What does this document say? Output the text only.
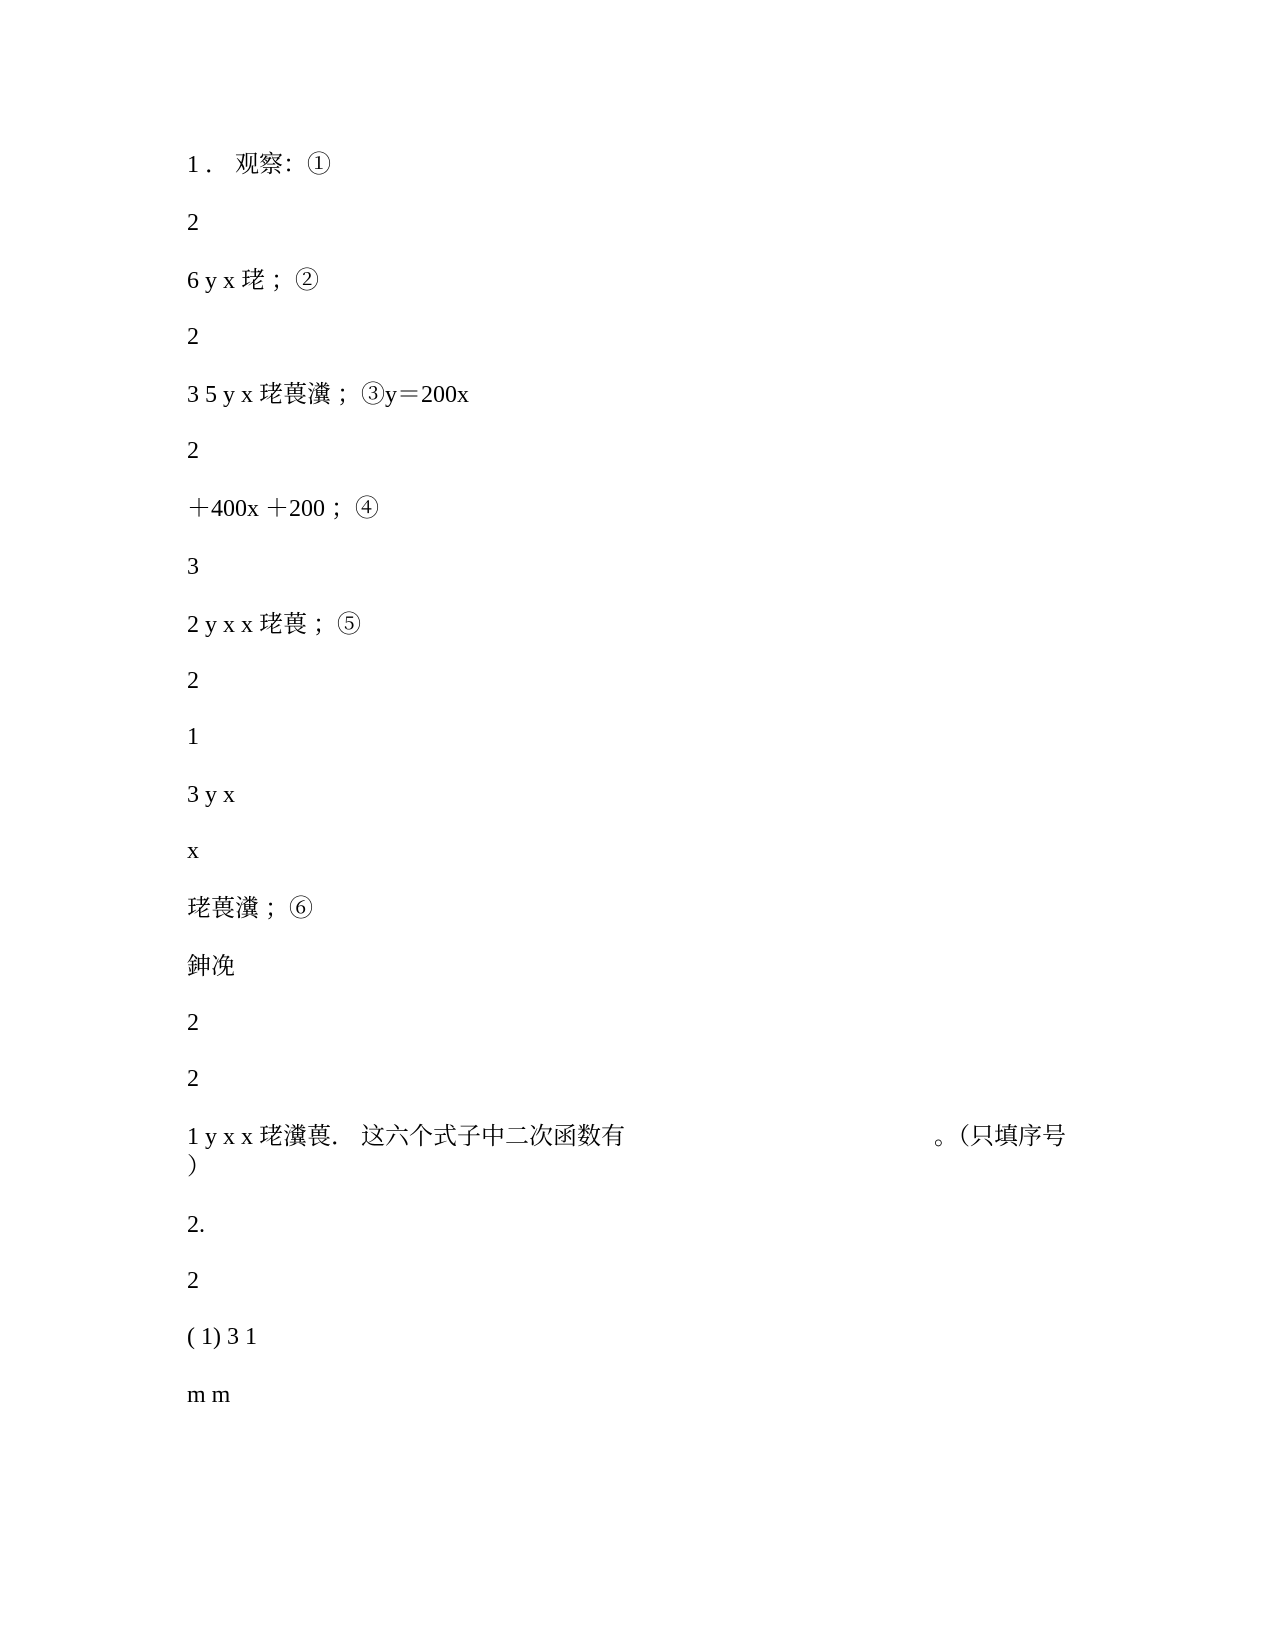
1 ． 观察：①
2
6 y x 珯 ；②
2
3 5 y x 珯葨瀵 ；③y＝200x
2
＋400x ＋200 ；④
3
2 y x x 珯葨 ；⑤
2
1
3 y x
x
珯葨瀵 ；⑥
鉮凂
2
2
1 y x x 珯瀵葨． 这六个式子中二次函数有	。（只填序号
）
2.
2
( 1) 3 1
m m
